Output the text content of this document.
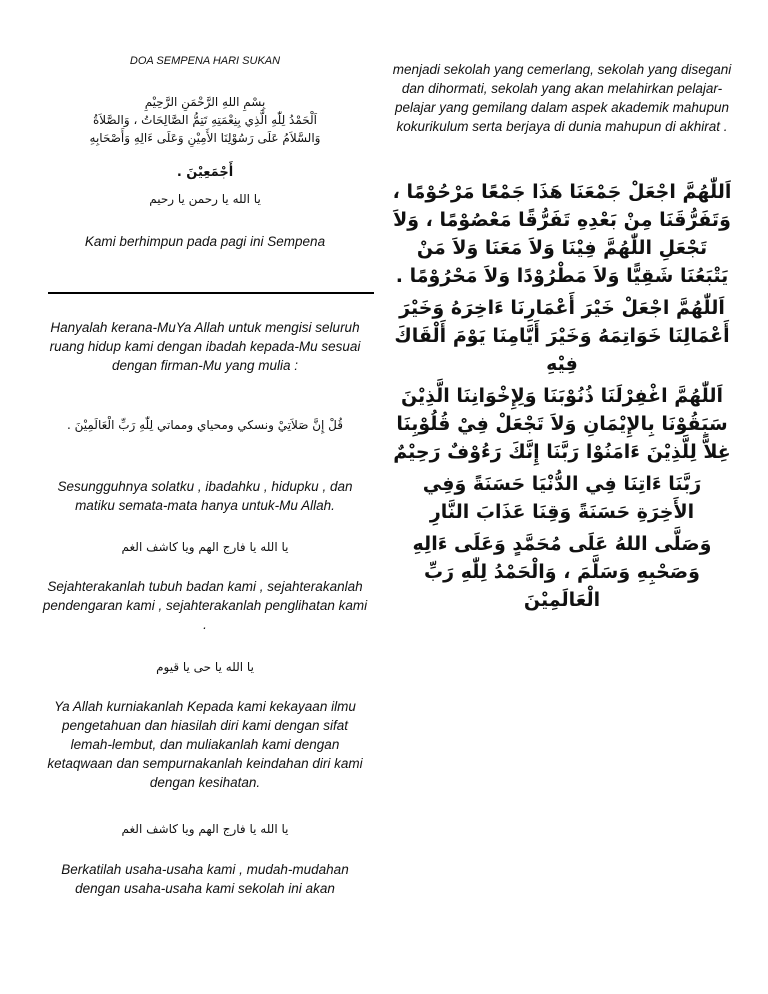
DOA SEMPENA HARI SUKAN

بِسْمِ اللهِ الرَّحْمَنِ الرَّحِيْمِ
اَلْحَمْدُ لِلّٰهِ الَّذِي بِنِعْمَتِهِ تَتِمُّ الصَّالِحَاتُ ، وَالصَّلاَةُ
وَالسَّلاَمُ عَلَى رَسُوْلِنَا الأَمِيْنِ وَعَلَى ءَالِهِ وَأَصْحَابِهِ

أَجْمَعِيْنَ .

يا الله يا رحمن يا رحيم

Kami berhimpun pada pagi ini Sempena

Hanyalah kerana-MuYa Allah untuk mengisi seluruh ruang hidup kami dengan ibadah kepada-Mu sesuai dengan firman-Mu yang mulia :

قُلْ إِنَّ صَلاَتِيْ ونسكي ومحياي ومماتي لِلّٰهِ رَبِّ الْعَالَمِيْنَ .

Sesungguhnya solatku , ibadahku , hidupku , dan matiku semata-mata hanya untuk-Mu Allah.

يا الله يا فارج الهم ويا كاشف الغم

Sejahterakanlah tubuh badan kami , sejahterakanlah pendengaran kami , sejahterakanlah penglihatan kami .

يا الله يا حى يا قيوم

Ya Allah kurniakanlah Kepada kami kekayaan ilmu pengetahuan dan hiasilah diri kami dengan sifat lemah-lembut, dan muliakanlah kami dengan ketaqwaan dan sempurnakanlah keindahan diri kami dengan kesihatan.

يا الله يا فارج الهم ويا كاشف الغم

Berkatilah usaha-usaha kami , mudah-mudahan dengan usaha-usaha kami sekolah ini akan

menjadi sekolah yang cemerlang, sekolah yang disegani dan dihormati, sekolah yang akan melahirkan pelajar-pelajar yang gemilang dalam aspek akademik mahupun kokurikulum serta berjaya di dunia mahupun di akhirat .

اَللّٰهُمَّ اجْعَلْ جَمْعَنَا هَذَا جَمْعًا مَرْحُوْمًا ، وَتَفَرُّقَنَا مِنْ بَعْدِهِ تَفَرُّقًا مَعْصُوْمًا ، وَلاَ تَجْعَلِ اللّٰهُمَّ فِيْنَا وَلاَ مَعَنَا وَلاَ مَنْ يَتْبَعُنَا شَقِيًّا وَلاَ مَطْرُوْدًا وَلاَ مَحْرُوْمًا .

اَللّٰهُمَّ اجْعَلْ خَيْرَ أَعْمَارِنَا ءَاخِرَهُ وَخَيْرَ أَعْمَالِنَا خَوَاتِمَهُ وَخَيْرَ أَيَّامِنَا يَوْمَ أَلْقَاكَ فِيْهِ

اَللّٰهُمَّ اغْفِرْلَنَا ذُنُوْبَنَا وَلِإِخْوَانِنَا الَّذِيْنَ سَبَقُوْنَا بِالإِيْمَانِ وَلاَ تَجْعَلْ فِيْ قُلُوْبِنَا غِلاًّ لِلَّذِيْنَ ءَامَنُوْا رَبَّنَا إِنَّكَ رَءُوْفٌ رَحِيْمٌ

رَبَّنَا ءَاتِنَا فِي الدُّنْيَا حَسَنَةً وَفِي الأَخِرَةِ حَسَنَةً وَقِنَا عَذَابَ النَّارِ

وَصَلَّى اللهُ عَلَى مُحَمَّدٍ وَعَلَى ءَالِهِ وَصَحْبِهِ وَسَلَّمَ ، وَالْحَمْدُ لِلّٰهِ رَبِّ الْعَالَمِيْنَ
